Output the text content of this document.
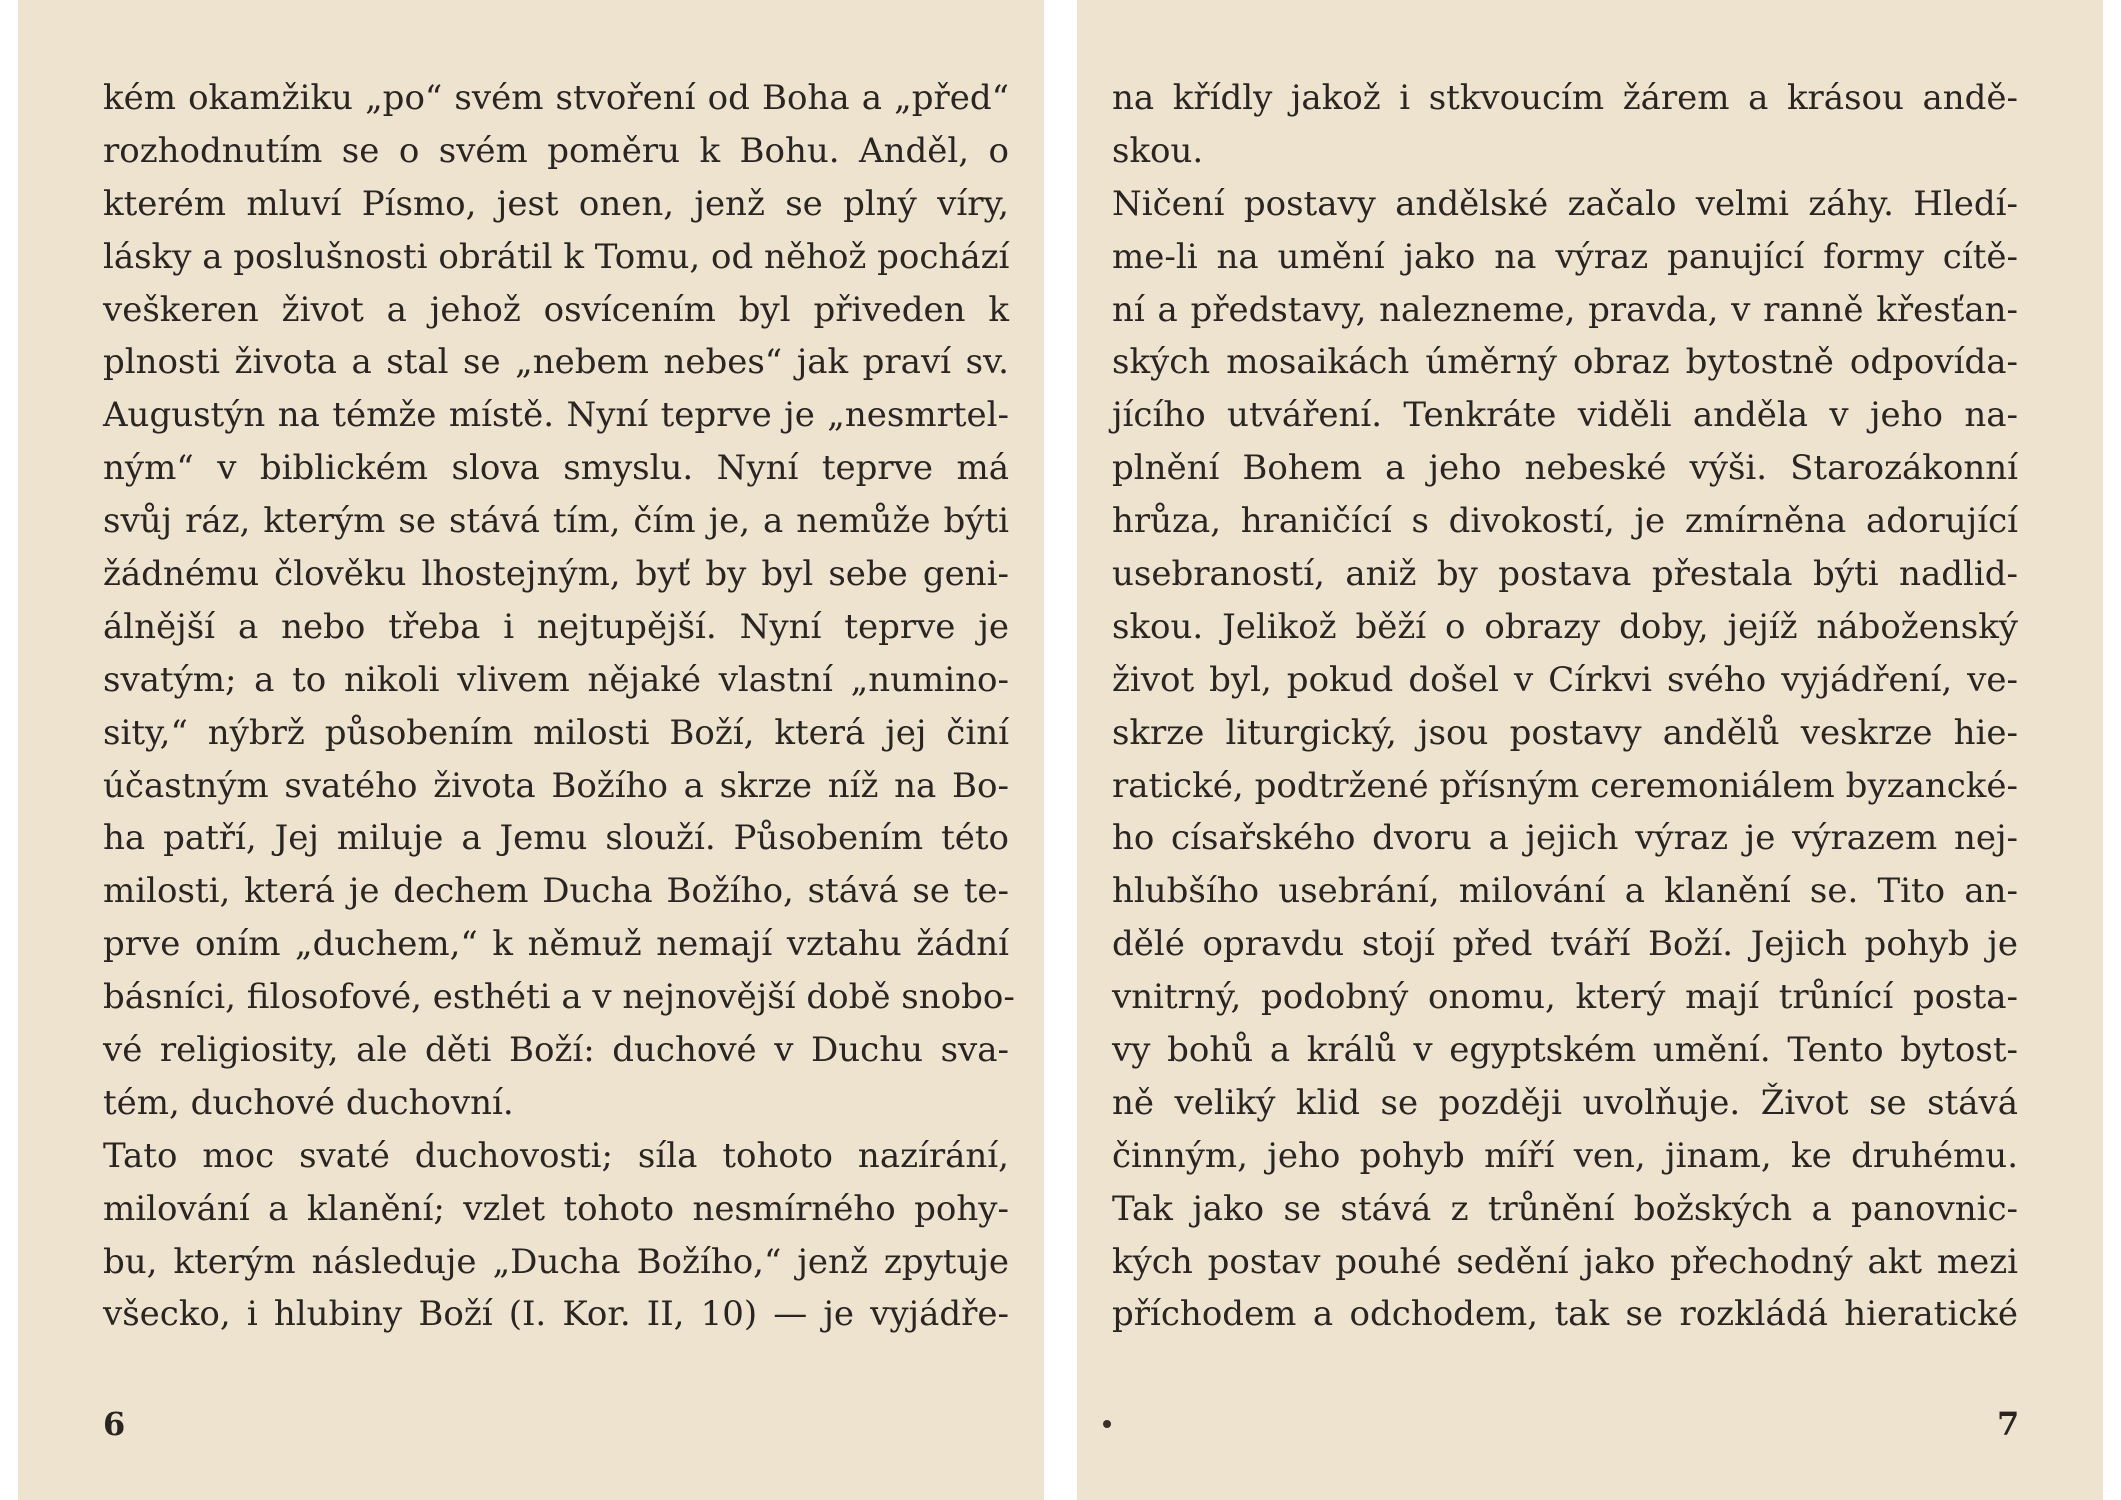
kém okamžiku „po“ svém stvoření od Boha a „před“
rozhodnutím se o svém poměru k Bohu. Anděl, o
kterém mluví Písmo, jest onen, jenž se plný víry,
lásky a poslušnosti obrátil k Tomu, od něhož pochází
veškeren život a jehož osvícením byl přiveden k
plnosti života a stal se „nebem nebes“ jak praví sv.
Augustýn na témže místě. Nyní teprve je „nesmrtel-
ným“ v biblickém slova smyslu. Nyní teprve má
svůj ráz, kterým se stává tím, čím je, a nemůže býti
žádnému člověku lhostejným, byť by byl sebe geni-
álnější a nebo třeba i nejtupější. Nyní teprve je
svatým; a to nikoli vlivem nějaké vlastní „numino-
sity,“ nýbrž působením milosti Boží, která jej činí
účastným svatého života Božího a skrze níž na Bo-
ha patří, Jej miluje a Jemu slouží. Působením této
milosti, která je dechem Ducha Božího, stává se te-
prve oním „duchem,“ k němuž nemají vztahu žádní
básníci, filosofové, esthéti a v nejnovější době snobo-
vé religiosity, ale děti Boží: duchové v Duchu sva-
tém, duchové duchovní.
Tato moc svaté duchovosti; síla tohoto nazírání,
milování a klanění; vzlet tohoto nesmírného pohy-
bu, kterým následuje „Ducha Božího,“ jenž zpytuje
všecko, i hlubiny Boží (I. Kor. II, 10) — je vyjádře-
6
na křídly jakož i stkvoucím žárem a krásou andě-
skou.
Ničení postavy andělské začalo velmi záhy. Hledí-
me-li na umění jako na výraz panující formy cítě-
ní a představy, nalezneme, pravda, v ranně křesťan-
ských mosaikách úměrný obraz bytostně odpovída-
jícího utváření. Tenkráte viděli anděla v jeho na-
plnění Bohem a jeho nebeské výši. Starozákonní
hrůza, hraničící s divokostí, je zmírněna adorující
usebraností, aniž by postava přestala býti nadlid-
skou. Jelikož běží o obrazy doby, jejíž náboženský
život byl, pokud došel v Církvi svého vyjádření, ve-
skrze liturgický, jsou postavy andělů veskrze hie-
ratické, podtržené přísným ceremoniálem byzancké-
ho císařského dvoru a jejich výraz je výrazem nej-
hlubšího usebrání, milování a klanění se. Tito an-
dělé opravdu stojí před tváří Boží. Jejich pohyb je
vnitrný, podobný onomu, který mají trůnící posta-
vy bohů a králů v egyptském umění. Tento bytost-
ně veliký klid se později uvolňuje. Život se stává
činným, jeho pohyb míří ven, jinam, ke druhému.
Tak jako se stává z trůnění božských a panovnic-
kých postav pouhé sedění jako přechodný akt mezi
příchodem a odchodem, tak se rozkládá hieratické
7
